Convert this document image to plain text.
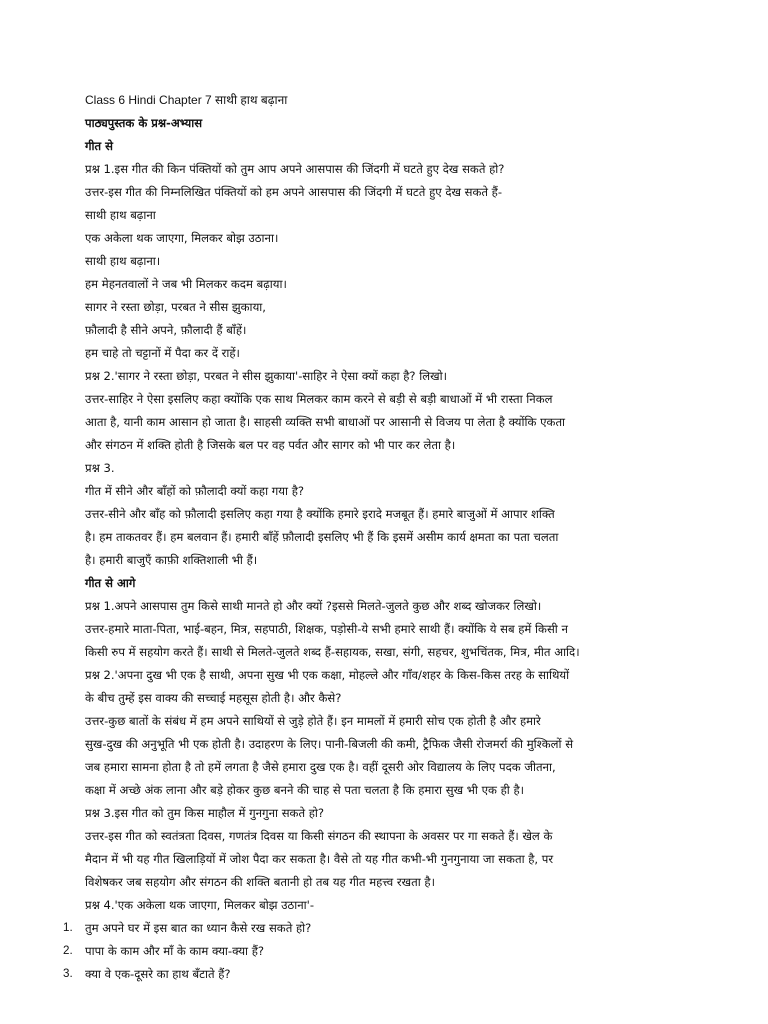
Class 6 Hindi Chapter 7 साथी हाथ बढ़ाना
पाठ्यपुस्तक के प्रश्न-अभ्यास
गीत से
प्रश्न 1.इस गीत की किन पंक्तियों को तुम आप अपने आसपास की जिंदगी में घटते हुए देख सकते हो?
उत्तर-इस गीत की निम्नलिखित पंक्तियों को हम अपने आसपास की जिंदगी में घटते हुए देख सकते हैं-
साथी हाथ बढ़ाना
एक अकेला थक जाएगा, मिलकर बोझ उठाना।
साथी हाथ बढ़ाना।
हम मेहनतवालों ने जब भी मिलकर कदम बढ़ाया।
सागर ने रस्ता छोड़ा, परबत ने सीस झुकाया,
फ़ौलादी है सीने अपने, फ़ौलादी हैं बाँहें।
हम चाहे तो चट्टानों में पैदा कर दें राहें।
प्रश्न 2.'सागर ने रस्ता छोड़ा, परबत ने सीस झुकाया'-साहिर ने ऐसा क्यों कहा है? लिखो।
उत्तर-साहिर ने ऐसा इसलिए कहा क्योंकि एक साथ मिलकर काम करने से बड़ी से बड़ी बाधाओं में भी रास्ता निकल
आता है, यानी काम आसान हो जाता है। साहसी व्यक्ति सभी बाधाओं पर आसानी से विजय पा लेता है क्योंकि एकता
और संगठन में शक्ति होती है जिसके बल पर वह पर्वत और सागर को भी पार कर लेता है।
प्रश्न 3.
गीत में सीने और बाँहों को फ़ौलादी क्यों कहा गया है?
उत्तर-सीने और बाँह को फ़ौलादी इसलिए कहा गया है क्योंकि हमारे इरादे मजबूत हैं। हमारे बाजुओं में आपार शक्ति
है। हम ताकतवर हैं। हम बलवान हैं। हमारी बाँहें फ़ौलादी इसलिए भी हैं कि इसमें असीम कार्य क्षमता का पता चलता
है। हमारी बाजुएँ काफ़ी शक्तिशाली भी हैं।
गीत से आगे
प्रश्न 1.अपने आसपास तुम किसे साथी मानते हो और क्यों ?इससे मिलते-जुलते कुछ और शब्द खोजकर लिखो।
उत्तर-हमारे माता-पिता, भाई-बहन, मित्र, सहपाठी, शिक्षक, पड़ोसी-ये सभी हमारे साथी हैं। क्योंकि ये सब हमें किसी न
किसी रुप में सहयोग करते हैं। साथी से मिलते-जुलते शब्द हैं-सहायक, सखा, संगी, सहचर, शुभचिंतक, मित्र, मीत आदि।
प्रश्न 2.'अपना दुख भी एक है साथी, अपना सुख भी एक कक्षा, मोहल्ले और गाँव/शहर के किस-किस तरह के साथियों
के बीच तुम्हें इस वाक्य की सच्चाई महसूस होती है। और कैसे?
उत्तर-कुछ बातों के संबंध में हम अपने साथियों से जुड़े होते हैं। इन मामलों में हमारी सोच एक होती है और हमारे
सुख-दुख की अनुभूति भी एक होती है। उदाहरण के लिए। पानी-बिजली की कमी, ट्रैफिक जैसी रोजमर्रा की मुश्किलों से
जब हमारा सामना होता है तो हमें लगता है जैसे हमारा दुख एक है। वहीं दूसरी ओर विद्यालय के लिए पदक जीतना,
कक्षा में अच्छे अंक लाना और बड़े होकर कुछ बनने की चाह से पता चलता है कि हमारा सुख भी एक ही है।
प्रश्न 3.इस गीत को तुम किस माहौल में गुनगुना सकते हो?
उत्तर-इस गीत को स्वतंत्रता दिवस, गणतंत्र दिवस या किसी संगठन की स्थापना के अवसर पर गा सकते हैं। खेल के
मैदान में भी यह गीत खिलाड़ियों में जोश पैदा कर सकता है। वैसे तो यह गीत कभी-भी गुनगुनाया जा सकता है, पर
विशेषकर जब सहयोग और संगठन की शक्ति बतानी हो तब यह गीत महत्त्व रखता है।
प्रश्न 4.'एक अकेला थक जाएगा, मिलकर बोझ उठाना'-
1. तुम अपने घर में इस बात का ध्यान कैसे रख सकते हो?
2. पापा के काम और माँ के काम क्या-क्या हैं?
3. क्या वे एक-दूसरे का हाथ बँटाते हैं?
